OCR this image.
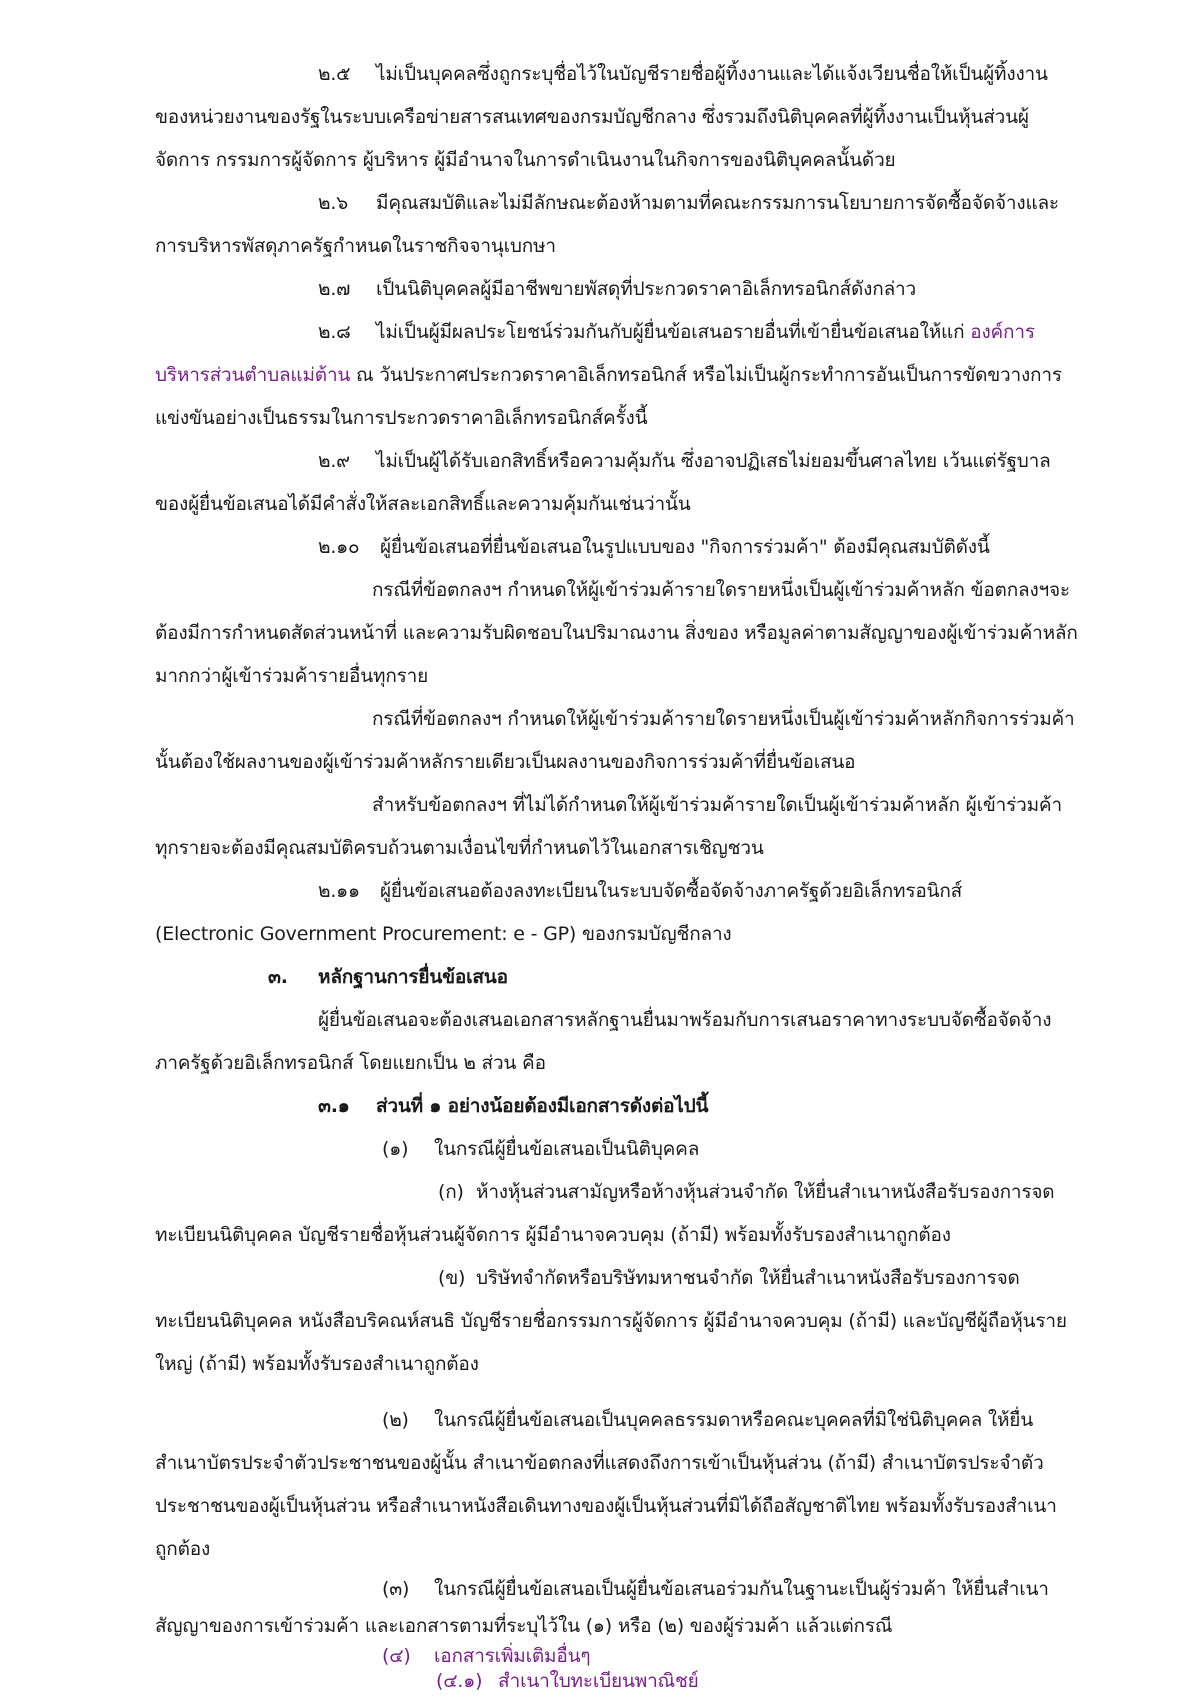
๒.๕ ไม่เป็นบุคคลซึ่งถูกระบุชื่อไว้ในบัญชีรายชื่อผู้ทิ้งงานและได้แจ้งเวียนชื่อให้เป็นผู้ทิ้งงาน
ของหน่วยงานของรัฐในระบบเครือข่ายสารสนเทศของกรมบัญชีกลาง ซึ่งรวมถึงนิติบุคคลที่ผู้ทิ้งงานเป็นหุ้นส่วนผู้
จัดการ กรรมการผู้จัดการ ผู้บริหาร ผู้มีอำนาจในการดำเนินงานในกิจการของนิติบุคคลนั้นด้วย
๒.๖ มีคุณสมบัติและไม่มีลักษณะต้องห้ามตามที่คณะกรรมการนโยบายการจัดซื้อจัดจ้างและ
การบริหารพัสดุภาครัฐกำหนดในราชกิจจานุเบกษา
๒.๗ เป็นนิติบุคคลผู้มีอาชีพขายพัสดุที่ประกวดราคาอิเล็กทรอนิกส์ดังกล่าว
๒.๘ ไม่เป็นผู้มีผลประโยชน์ร่วมกันกับผู้ยื่นข้อเสนอรายอื่นที่เข้ายื่นข้อเสนอให้แก่ องค์การ
บริหารส่วนตำบลแม่ต้าน ณ วันประกาศประกวดราคาอิเล็กทรอนิกส์ หรือไม่เป็นผู้กระทำการอันเป็นการขัดขวางการ
แข่งขันอย่างเป็นธรรมในการประกวดราคาอิเล็กทรอนิกส์ครั้งนี้
๒.๙ ไม่เป็นผู้ได้รับเอกสิทธิ์หรือความคุ้มกัน ซึ่งอาจปฏิเสธไม่ยอมขึ้นศาลไทย เว้นแต่รัฐบาล
ของผู้ยื่นข้อเสนอได้มีคำสั่งให้สละเอกสิทธิ์และความคุ้มกันเช่นว่านั้น
๒.๑๐ ผู้ยื่นข้อเสนอที่ยื่นข้อเสนอในรูปแบบของ "กิจการร่วมค้า" ต้องมีคุณสมบัติดังนี้
กรณีที่ข้อตกลงฯ กำหนดให้ผู้เข้าร่วมค้ารายใดรายหนึ่งเป็นผู้เข้าร่วมค้าหลัก ข้อตกลงฯจะ
ต้องมีการกำหนดสัดส่วนหน้าที่ และความรับผิดชอบในปริมาณงาน สิ่งของ หรือมูลค่าตามสัญญาของผู้เข้าร่วมค้าหลัก
มากกว่าผู้เข้าร่วมค้ารายอื่นทุกราย
กรณีที่ข้อตกลงฯ กำหนดให้ผู้เข้าร่วมค้ารายใดรายหนึ่งเป็นผู้เข้าร่วมค้าหลักกิจการร่วมค้า
นั้นต้องใช้ผลงานของผู้เข้าร่วมค้าหลักรายเดียวเป็นผลงานของกิจการร่วมค้าที่ยื่นข้อเสนอ
สำหรับข้อตกลงฯ ที่ไม่ได้กำหนดให้ผู้เข้าร่วมค้ารายใดเป็นผู้เข้าร่วมค้าหลัก ผู้เข้าร่วมค้า
ทุกรายจะต้องมีคุณสมบัติครบถ้วนตามเงื่อนไขที่กำหนดไว้ในเอกสารเชิญชวน
๒.๑๑ ผู้ยื่นข้อเสนอต้องลงทะเบียนในระบบจัดซื้อจัดจ้างภาครัฐด้วยอิเล็กทรอนิกส์
(Electronic Government Procurement: e - GP) ของกรมบัญชีกลาง
๓. หลักฐานการยื่นข้อเสนอ
ผู้ยื่นข้อเสนอจะต้องเสนอเอกสารหลักฐานยื่นมาพร้อมกับการเสนอราคาทางระบบจัดซื้อจัดจ้าง
ภาครัฐด้วยอิเล็กทรอนิกส์ โดยแยกเป็น ๒ ส่วน คือ
๓.๑ ส่วนที่ ๑ อย่างน้อยต้องมีเอกสารดังต่อไปนี้
(๑) ในกรณีผู้ยื่นข้อเสนอเป็นนิติบุคคล
(ก) ห้างหุ้นส่วนสามัญหรือห้างหุ้นส่วนจำกัด ให้ยื่นสำเนาหนังสือรับรองการจด
ทะเบียนนิติบุคคล บัญชีรายชื่อหุ้นส่วนผู้จัดการ ผู้มีอำนาจควบคุม (ถ้ามี) พร้อมทั้งรับรองสำเนาถูกต้อง
(ข) บริษัทจำกัดหรือบริษัทมหาชนจำกัด ให้ยื่นสำเนาหนังสือรับรองการจด
ทะเบียนนิติบุคคล หนังสือบริคณห์สนธิ บัญชีรายชื่อกรรมการผู้จัดการ ผู้มีอำนาจควบคุม (ถ้ามี) และบัญชีผู้ถือหุ้นราย
ใหญ่ (ถ้ามี) พร้อมทั้งรับรองสำเนาถูกต้อง
(๒) ในกรณีผู้ยื่นข้อเสนอเป็นบุคคลธรรมดาหรือคณะบุคคลที่มิใช่นิติบุคคล ให้ยื่น
สำเนาบัตรประจำตัวประชาชนของผู้นั้น สำเนาข้อตกลงที่แสดงถึงการเข้าเป็นหุ้นส่วน (ถ้ามี) สำเนาบัตรประจำตัว
ประชาชนของผู้เป็นหุ้นส่วน หรือสำเนาหนังสือเดินทางของผู้เป็นหุ้นส่วนที่มิได้ถือสัญชาติไทย พร้อมทั้งรับรองสำเนา
ถูกต้อง
(๓) ในกรณีผู้ยื่นข้อเสนอเป็นผู้ยื่นข้อเสนอร่วมกันในฐานะเป็นผู้ร่วมค้า ให้ยื่นสำเนา
สัญญาของการเข้าร่วมค้า และเอกสารตามที่ระบุไว้ใน (๑) หรือ (๒) ของผู้ร่วมค้า แล้วแต่กรณี
(๔) เอกสารเพิ่มเติมอื่นๆ
(๔.๑) สำเนาใบทะเบียนพาณิชย์
